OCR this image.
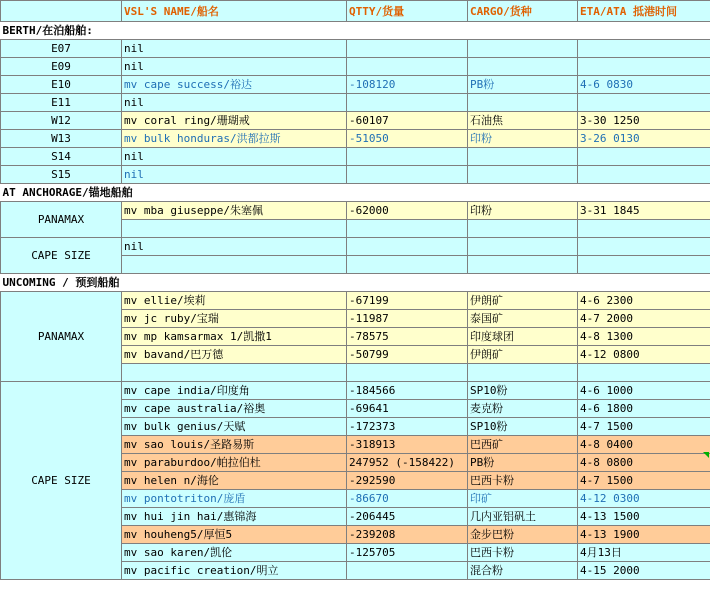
	VSL'S NAME/船名	QTTY/货量	CARGO/货种	ETA/ATA 抵港时间
BERTH/在泊船舶:				
E07	nil			
E09	nil			
E10	mv cape success/裕达	-108120	PB粉	4-6 0830
E11	nil			
W12	mv coral ring/珊瑚戒	-60107	石油焦	3-30 1250
W13	mv bulk honduras/洪都拉斯	-51050	印粉	3-26 0130
S14	nil			
S15	nil			
AT ANCHORAGE/锚地船舶				
PANAMAX	mv mba giuseppe/朱塞佩	-62000	印粉	3-31 1845

CAPE SIZE	nil			

UNCOMING / 预到船舶				
PANAMAX	mv ellie/埃莉	-67199	伊朗矿	4-6 2300
	mv jc ruby/宝瑞	-11987	泰国矿	4-7 2000
	mv mp kamsarmax 1/凯撒1	-78575	印度球团	4-8 1300
	mv bavand/巴万德	-50799	伊朗矿	4-12 0800

CAPE SIZE	mv cape india/印度角	-184566	SP10粉	4-6 1000
	mv cape australia/裕奥	-69641	麦克粉	4-6 1800
	mv bulk genius/天赋	-172373	SP10粉	4-7 1500
	mv sao louis/圣路易斯	-318913	巴西矿	4-8 0400
	mv paraburdoo/帕拉伯杜	247952 (-158422)	PB粉	4-8 0800
	mv helen n/海伦	-292590	巴西卡粉	4-7 1500
	mv pontotriton/庞盾	-86670	印矿	4-12 0300
	mv hui jin hai/惠锦海	-206445	几内亚铝矾土	4-13 1500
	mv houheng5/厚恒5	-239208	金步巴粉	4-13 1900
	mv sao karen/凯伦	-125705	巴西卡粉	4月13日
	mv pacific creation/明立		混合粉	4-15 2000
